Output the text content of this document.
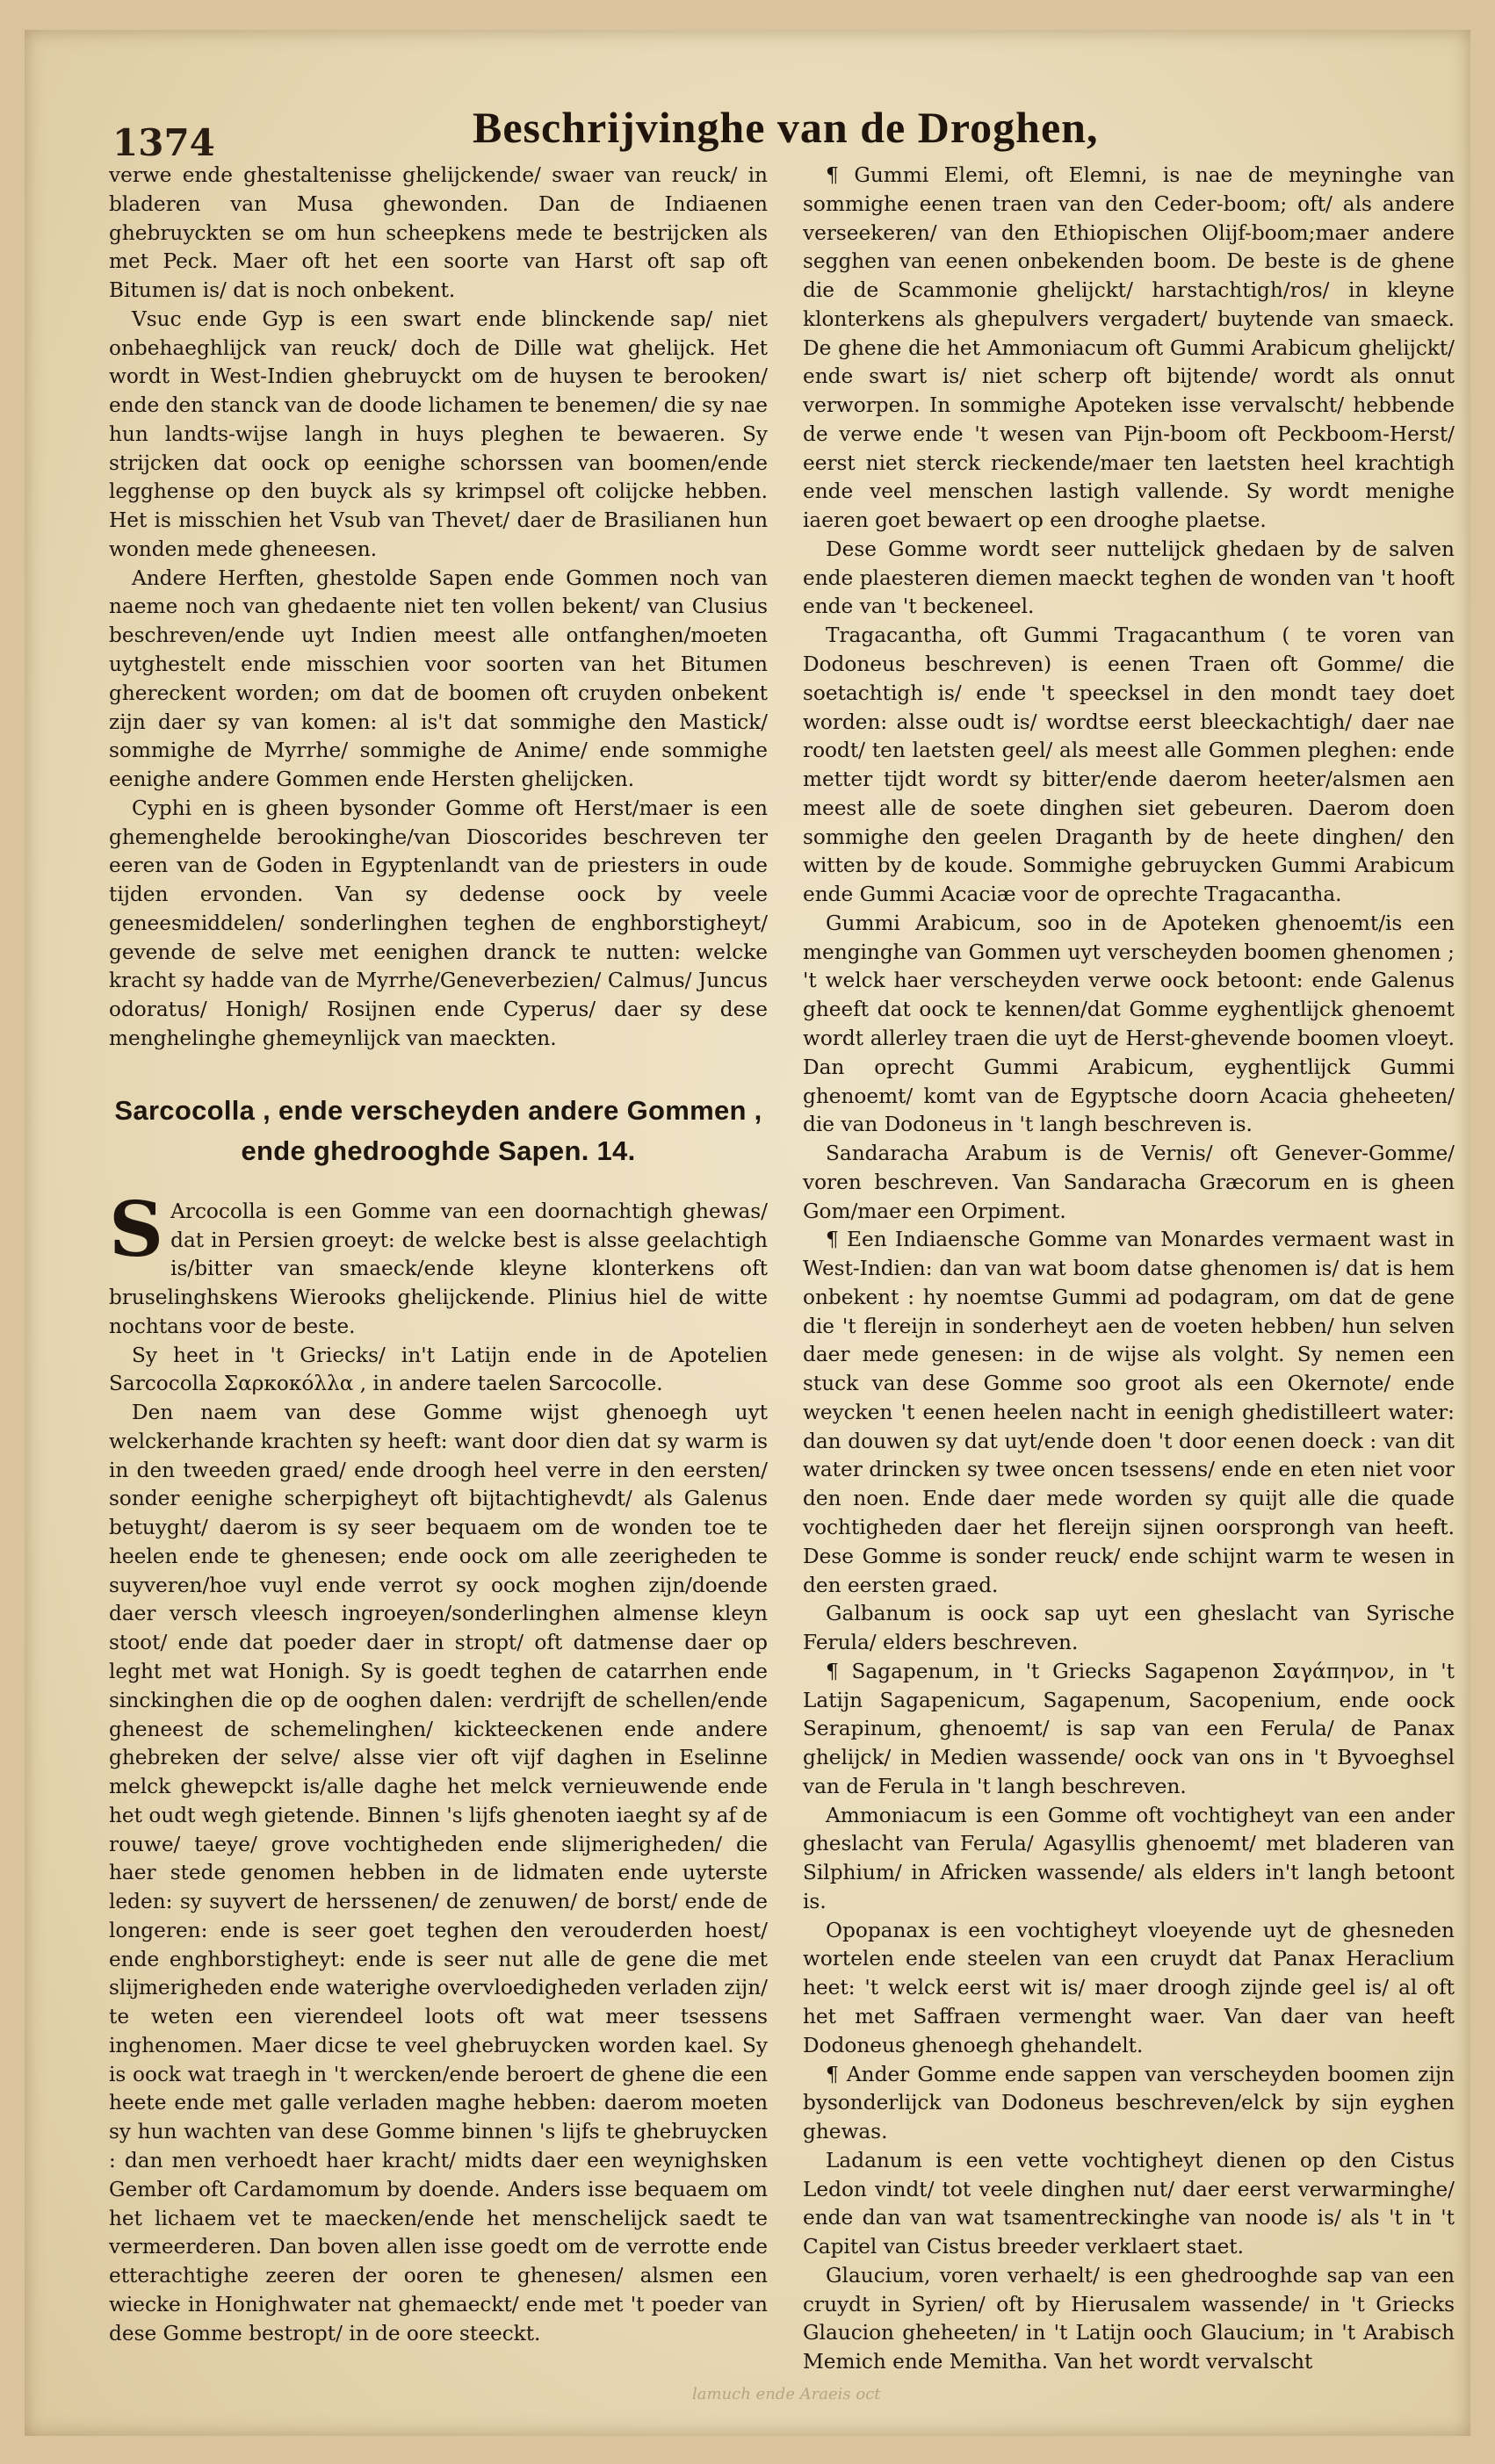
1374	Beschrijvinghe van de Droghen,

verwe ende ghestaltenisse ghelijckende/ swaer van reuck/ in bladeren van Musa ghewonden. Dan de Indiaenen ghebruyckten se om hun scheepkens mede te bestrijcken als met Peck. Maer oft het een soorte van Harst oft sap oft Bitumen is/ dat is noch onbekent.

Vsuc ende Gyp is een swart ende blinckende sap/ niet onbehaeghlijck van reuck/ doch de Dille wat ghelijck. Het wordt in West-Indien ghebruyckt om de huysen te berooken/ ende den stanck van de doode lichamen te benemen/ die sy nae hun landts-wijse langh in huys pleghen te bewaeren. Sy strijcken dat oock op eenighe schorssen van boomen/ende legghense op den buyck als sy krimpsel oft colijcke hebben. Het is misschien het Vsub van Thevet/ daer de Brasilianen hun wonden mede gheneesen.

Andere Herften, ghestolde Sapen ende Gommen noch van naeme noch van ghedaente niet ten vollen bekent/ van Clusius beschreven/ende uyt Indien meest alle ontfanghen/moeten uytghestelt ende misschien voor soorten van het Bitumen ghereckent worden; om dat de boomen oft cruyden onbekent zijn daer sy van komen: al is't dat sommighe den Mastick/ sommighe de Myrrhe/ sommighe de Anime/ ende sommighe eenighe andere Gommen ende Hersten ghelijcken.

Cyphi en is gheen bysonder Gomme oft Herst/maer is een ghemenghelde berookinghe/van Dioscorides beschreven ter eeren van de Goden in Egyptenlandt van de priesters in oude tijden ervonden. Van sy dedense oock by veele geneesmiddelen/ sonderlinghen teghen de enghborstigheyt/ gevende de selve met eenighen dranck te nutten: welcke kracht sy hadde van de Myrrhe/Geneverbezien/ Calmus/ Juncus odoratus/ Honigh/ Rosijnen ende Cyperus/ daer sy dese menghelinghe ghemeynlijck van maeckten.

Sarcocolla , ende verscheyden andere Gommen ,
ende ghedrooghde Sapen. 14.

S Arcocolla is een Gomme van een doornachtigh ghewas/ dat in Persien groeyt: de welcke best is alsse geelachtigh is/bitter van smaeck/ende kleyne klonterkens oft bruselinghskens Wierooks ghelijckende. Plinius hiel de witte nochtans voor de beste.

Sy heet in 't Griecks/ in't Latijn ende in de Apotelien Sarcocolla Σαρκοκόλλα , in andere taelen Sarcocolle.

Den naem van dese Gomme wijst ghenoegh uyt welckerhande krachten sy heeft: want door dien dat sy warm is in den tweeden graed/ ende droogh heel verre in den eersten/ sonder eenighe scherpigheyt oft bijtachtighevdt/ als Galenus betuyght/ daerom is sy seer bequaem om de wonden toe te heelen ende te ghenesen; ende oock om alle zeerigheden te suyveren/hoe vuyl ende verrot sy oock moghen zijn/doende daer versch vleesch ingroeyen/sonderlinghen almense kleyn stoot/ ende dat poeder daer in stropt/ oft datmense daer op leght met wat Honigh. Sy is goedt teghen de catarrhen ende sinckinghen die op de ooghen dalen: verdrijft de schellen/ende gheneest de schemelinghen/ kickteeckenen ende andere ghebreken der selve/ alsse vier oft vijf daghen in Eselinne melck ghewepckt is/alle daghe het melck vernieuwende ende het oudt wegh gietende. Binnen 's lijfs ghenoten iaeght sy af de rouwe/ taeye/ grove vochtigheden ende slijmerigheden/ die haer stede genomen hebben in de lidmaten ende uyterste leden: sy suyvert de herssenen/ de zenuwen/ de borst/ ende de longeren: ende is seer goet teghen den verouderden hoest/ ende enghborstigheyt: ende is seer nut alle de gene die met slijmerigheden ende waterighe overvloedigheden verladen zijn/ te weten een vierendeel loots oft wat meer tsessens inghenomen. Maer dicse te veel ghebruycken worden kael. Sy is oock wat traegh in 't wercken/ende beroert de ghene die een heete ende met galle verladen maghe hebben: daerom moeten sy hun wachten van dese Gomme binnen 's lijfs te ghebruycken : dan men verhoedt haer kracht/ midts daer een weynighsken Gember oft Cardamomum by doende. Anders isse bequaem om het lichaem vet te maecken/ende het menschelijck saedt te vermeerderen. Dan boven allen isse goedt om de verrotte ende etterachtighe zeeren der ooren te ghenesen/ alsmen een wiecke in Honighwater nat ghemaeckt/ ende met 't poeder van dese Gomme bestropt/ in de oore steeckt.

¶ Gummi Elemi, oft Elemni, is nae de meyninghe van sommighe eenen traen van den Ceder-boom; oft/ als andere verseekeren/ van den Ethiopischen Olijf-boom;maer andere segghen van eenen onbekenden boom. De beste is de ghene die de Scammonie ghelijckt/ harstachtigh/ros/ in kleyne klonterkens als ghepulvers vergadert/ buytende van smaeck. De ghene die het Ammoniacum oft Gummi Arabicum ghelijckt/ ende swart is/ niet scherp oft bijtende/ wordt als onnut verworpen. In sommighe Apoteken isse vervalscht/ hebbende de verwe ende 't wesen van Pijn-boom oft Peckboom-Herst/ eerst niet sterck rieckende/maer ten laetsten heel krachtigh ende veel menschen lastigh vallende. Sy wordt menighe iaeren goet bewaert op een drooghe plaetse.

Dese Gomme wordt seer nuttelijck ghedaen by de salven ende plaesteren diemen maeckt teghen de wonden van 't hooft ende van 't beckeneel.

Tragacantha, oft Gummi Tragacanthum ( te voren van Dodoneus beschreven) is eenen Traen oft Gomme/ die soetachtigh is/ ende 't speecksel in den mondt taey doet worden: alsse oudt is/ wordtse eerst bleeckachtigh/ daer nae roodt/ ten laetsten geel/ als meest alle Gommen pleghen: ende metter tijdt wordt sy bitter/ende daerom heeter/alsmen aen meest alle de soete dinghen siet gebeuren. Daerom doen sommighe den geelen Draganth by de heete dinghen/ den witten by de koude. Sommighe gebruycken Gummi Arabicum ende Gummi Acaciæ voor de oprechte Tragacantha.

Gummi Arabicum, soo in de Apoteken ghenoemt/is een menginghe van Gommen uyt verscheyden boomen ghenomen ; 't welck haer verscheyden verwe oock betoont: ende Galenus gheeft dat oock te kennen/dat Gomme eyghentlijck ghenoemt wordt allerley traen die uyt de Herst-ghevende boomen vloeyt. Dan oprecht Gummi Arabicum, eyghentlijck Gummi ghenoemt/ komt van de Egyptsche doorn Acacia gheheeten/ die van Dodoneus in 't langh beschreven is.

Sandaracha Arabum is de Vernis/ oft Genever-Gomme/ voren beschreven. Van Sandaracha Græcorum en is gheen Gom/maer een Orpiment.

¶ Een Indiaensche Gomme van Monardes vermaent wast in West-Indien: dan van wat boom datse ghenomen is/ dat is hem onbekent : hy noemtse Gummi ad podagram, om dat de gene die 't flereijn in sonderheyt aen de voeten hebben/ hun selven daer mede genesen: in de wijse als volght. Sy nemen een stuck van dese Gomme soo groot als een Okernote/ ende weycken 't eenen heelen nacht in eenigh ghedistilleert water: dan douwen sy dat uyt/ende doen 't door eenen doeck : van dit water drincken sy twee oncen tsessens/ ende en eten niet voor den noen. Ende daer mede worden sy quijt alle die quade vochtigheden daer het flereijn sijnen oorsprongh van heeft. Dese Gomme is sonder reuck/ ende schijnt warm te wesen in den eersten graed.

Galbanum is oock sap uyt een gheslacht van Syrische Ferula/ elders beschreven.

¶ Sagapenum, in 't Griecks Sagapenon Σαγάπηνον, in 't Latijn Sagapenicum, Sagapenum, Sacopenium, ende oock Serapinum, ghenoemt/ is sap van een Ferula/ de Panax ghelijck/ in Medien wassende/ oock van ons in 't Byvoeghsel van de Ferula in 't langh beschreven.

Ammoniacum is een Gomme oft vochtigheyt van een ander gheslacht van Ferula/ Agasyllis ghenoemt/ met bladeren van Silphium/ in Africken wassende/ als elders in't langh betoont is.

Opopanax is een vochtigheyt vloeyende uyt de ghesneden wortelen ende steelen van een cruydt dat Panax Heraclium heet: 't welck eerst wit is/ maer droogh zijnde geel is/ al oft het met Saffraen vermenght waer. Van daer van heeft Dodoneus ghenoegh ghehandelt.

¶ Ander Gomme ende sappen van verscheyden boomen zijn bysonderlijck van Dodoneus beschreven/elck by sijn eyghen ghewas.

Ladanum is een vette vochtigheyt dienen op den Cistus Ledon vindt/ tot veele dinghen nut/ daer eerst verwarminghe/ ende dan van wat tsamentreckinghe van noode is/ als 't in 't Capitel van Cistus breeder verklaert staet.

Glaucium, voren verhaelt/ is een ghedrooghde sap van een cruydt in Syrien/ oft by Hierusalem wassende/ in 't Griecks Glaucion gheheeten/ in 't Latijn ooch Glaucium; in 't Arabisch Memich ende Memitha. Van het wordt vervalscht

lamuch ende Araeis oct
